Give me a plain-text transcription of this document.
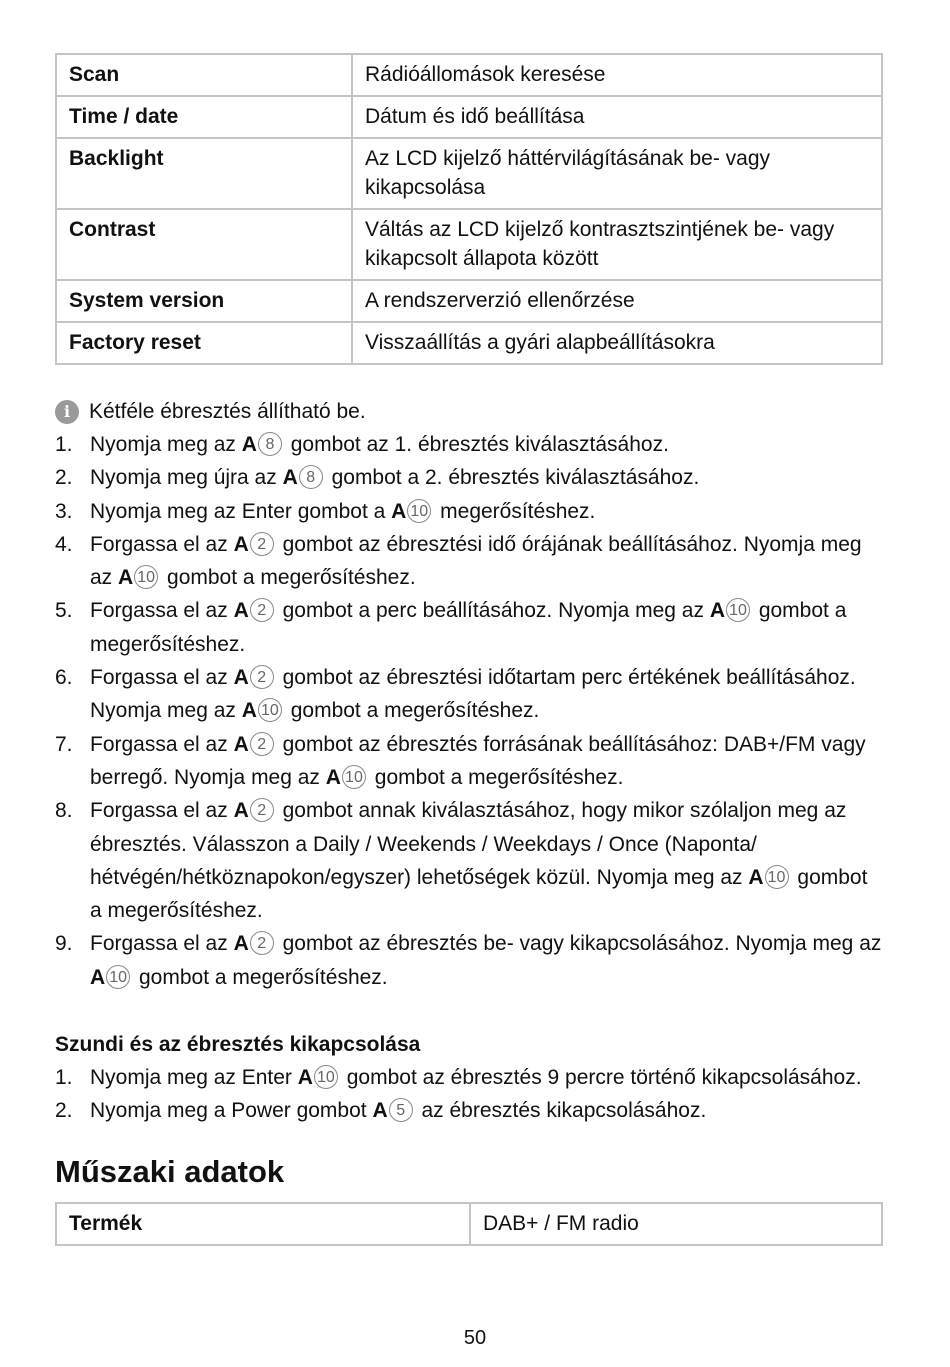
Scan	Rádióállomások keresése
Time / date	Dátum és idő beállítása
Backlight	Az LCD kijelző háttérvilágításának be- vagy kikapcsolása
Contrast	Váltás az LCD kijelző kontrasztszintjének be- vagy kikapcsolt állapota között
System version	A rendszerverzió ellenőrzése
Factory reset	Visszaállítás a gyári alapbeállításokra
i Kétféle ébresztés állítható be.
1. Nyomja meg az A 8 gombot az 1. ébresztés kiválasztásához.
2. Nyomja meg újra az A 8 gombot a 2. ébresztés kiválasztásához.
3. Nyomja meg az Enter gombot a A 10 megerősítéshez.
4. Forgassa el az A 2 gombot az ébresztési idő órájának beállításához. Nyomja meg az A 10 gombot a megerősítéshez.
5. Forgassa el az A 2 gombot a perc beállításához. Nyomja meg az A 10 gombot a megerősítéshez.
6. Forgassa el az A 2 gombot az ébresztési időtartam perc értékének beállításához. Nyomja meg az A 10 gombot a megerősítéshez.
7. Forgassa el az A 2 gombot az ébresztés forrásának beállításához: DAB+/FM vagy berregő. Nyomja meg az A 10 gombot a megerősítéshez.
8. Forgassa el az A 2 gombot annak kiválasztásához, hogy mikor szólaljon meg az ébresztés. Válasszon a Daily / Weekends / Weekdays / Once (Naponta/ hétvégén/hétköznapokon/egyszer) lehetőségek közül. Nyomja meg az A 10 gombot a megerősítéshez.
9. Forgassa el az A 2 gombot az ébresztés be- vagy kikapcsolásához. Nyomja meg az A 10 gombot a megerősítéshez.
Szundi és az ébresztés kikapcsolása
1. Nyomja meg az Enter A 10 gombot az ébresztés 9 percre történő kikapcsolásához.
2. Nyomja meg a Power gombot A 5 az ébresztés kikapcsolásához.
Műszaki adatok
Termék	DAB+ / FM radio
50
